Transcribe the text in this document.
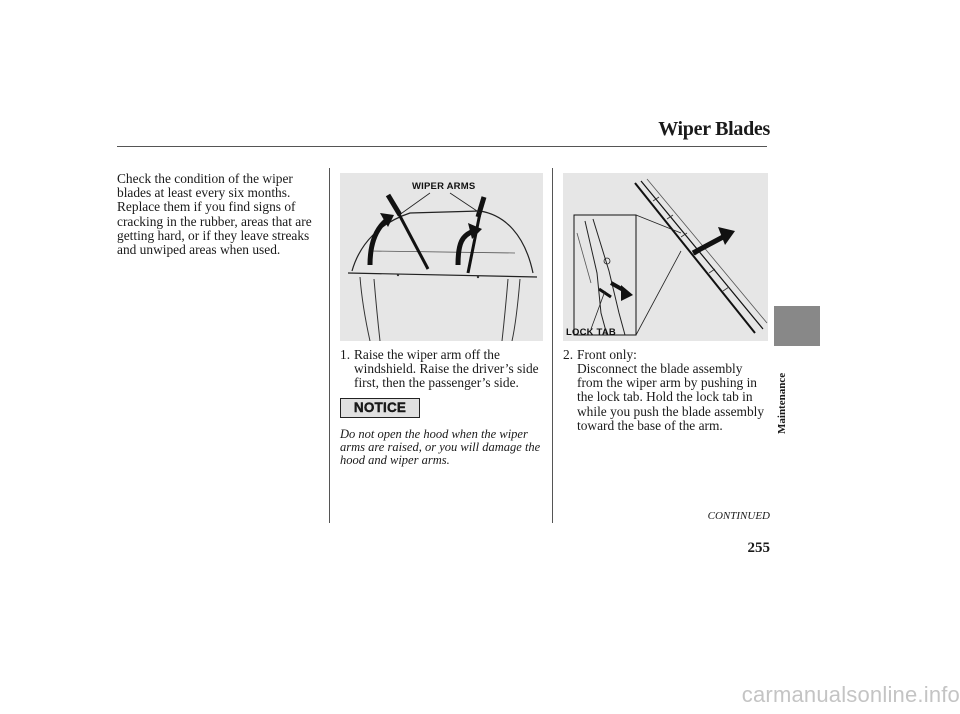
Wiper Blades
Check the condition of the wiper
blades at least every six months.
Replace them if you find signs of
cracking in the rubber, areas that are
getting hard, or if they leave streaks
and unwiped areas when used.
WIPER ARMS
LOCK TAB
1. Raise the wiper arm off the
windshield. Raise the driver’s side
first, then the passenger’s side.
NOTICE
Do not open the hood when the wiper
arms are raised, or you will damage the
hood and wiper arms.
2. Front only:
Disconnect the blade assembly
from the wiper arm by pushing in
the lock tab. Hold the lock tab in
while you push the blade assembly
toward the base of the arm.
CONTINUED
255
Maintenance
carmanualsonline.info
